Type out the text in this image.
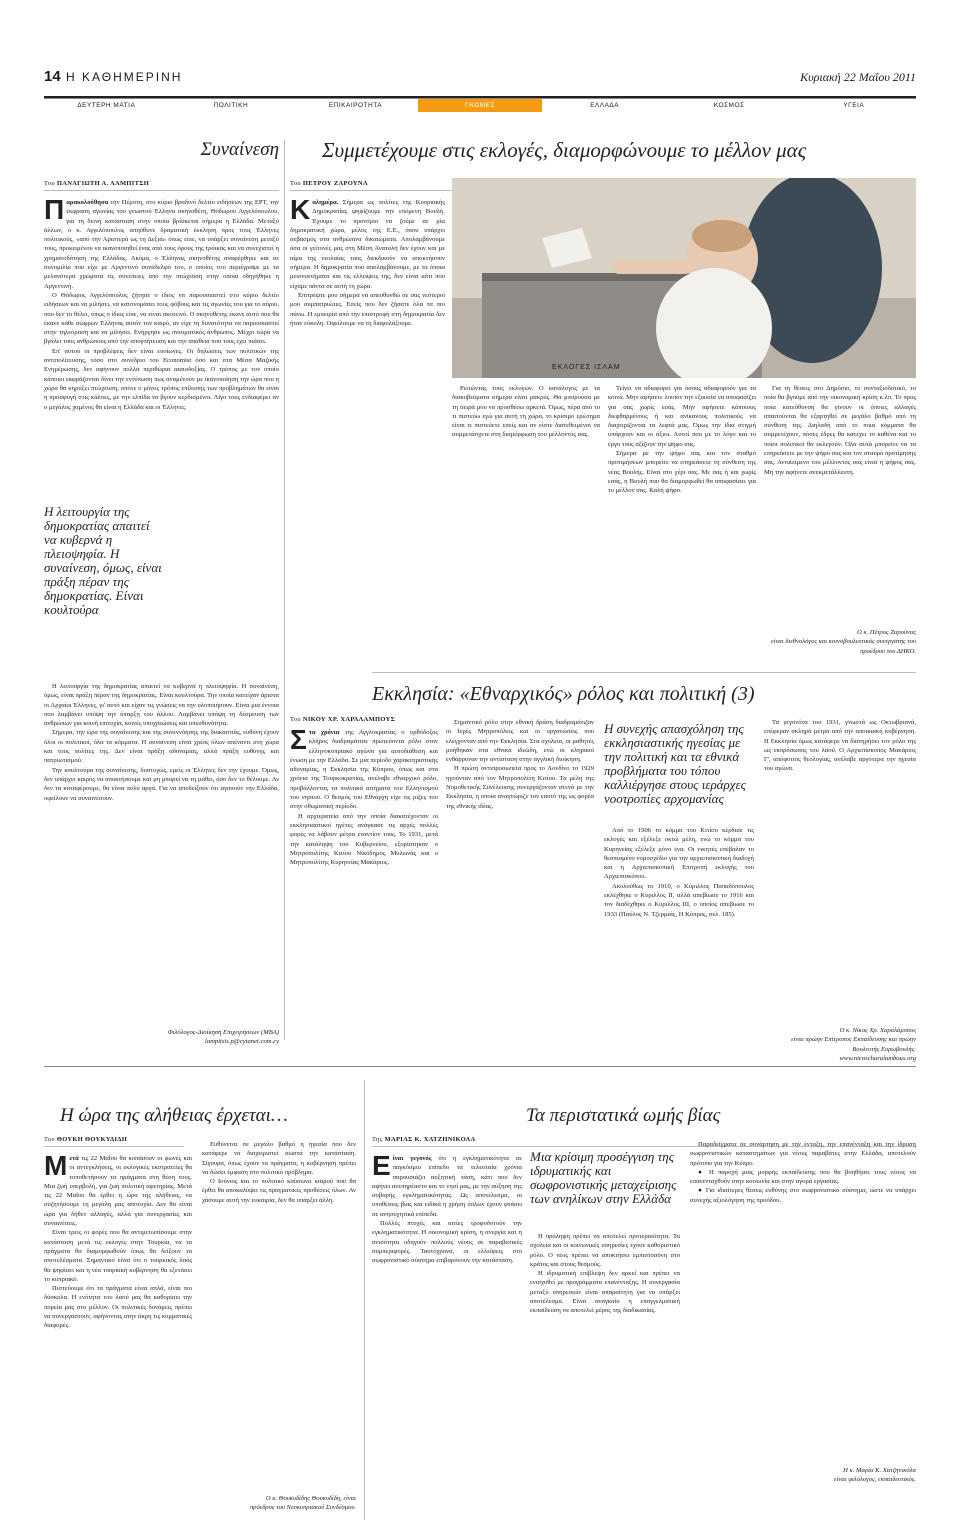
14 Η ΚΑΘΗΜΕΡΙΝΗ	Κυριακή 22 Μαΐου 2011
ΔΕΥΤΕΡΗ ΜΑΤΙΑ	ΠΟΛΙΤΙΚΗ	ΕΠΙΚΑΙΡΟΤΗΤΑ	ΓΝΩΜΕΣ	ΕΛΛΑΔΑ	ΚΟΣΜΟΣ	ΥΓΕΙΑ
Συναίνεση
Του ΠΑΝΑΓΙΩΤΗ Α. ΛΑΜΠΙΤΣΗ
Παρακολούθησα την Πέμπτη, στο κύριο βραδινό δελτίο ειδήσεων της ΕΡΤ, την έκφραση αγωνίας του γνωστού Έλληνα σκηνοθέτη, Θόδωρου Αγγελόπουλου, για τη δεινή κατάσταση στην οποία βρίσκεται σήμερα η Ελλάδα. Μεταξύ άλλων, ο κ. Αγγελόπουλος απηύθυνε δραματική έκκληση προς τους Έλληνες πολιτικούς, «από την Αριστερά ως τη Δεξιά» όπως είπε, να υπάρξει συναίνεση μεταξύ τους, προκειμένου να ικανοποιηθεί ένας από τους όρους της τρόικας και να συνεχιστεί η χρηματοδότηση της Ελλάδας. Ακόμα, ο Έλληνας σκηνοθέτης αναφέρθηκε και σε συνομιλία που είχε με Αργεντινό συνάδελφό του, ο οποίος του περιέγραψε με τα μελανότερα χρώματα τις συνέπειες από την πτώχευση στην οποία οδηγήθηκε η Αργεντινή.

Ο Θόδωρος Αγγελόπουλος ζήτησε ο ίδιος να παρουσιαστεί στο κύριο δελτίο ειδήσεων και να μιλήσει, να κατονομάσει τους φόβους και τις αγωνίες του για το αύριο, που δεν το θέλει, όπως ο ίδιος είπε, να είναι σκοτεινό. Ο σκηνοθέτης έκανε αυτό που θα έκανε κάθε σώφρων Έλληνας αυτόν τον καιρό, αν είχε τη δυνατότητα να παρουσιαστεί στην τηλεόραση και να μιλήσει. Ενήργησε ως πνευματικός άνθρωπος. Μέχρι τώρα να βγάλει τους ανθρώπους από την απογοήτευση και την απάθεια που τους έχει πιάσει.

Επ' αυτού οι προβλέψεις δεν είναι ευοίωνες. Οι δηλώσεις των πολιτικών της αντιπολίτευσης, τόσο στο συνέδριο του Economist όσο και στα Μέσα Μαζικής Ενημέρωσης, δεν αφήνουν πολλά περιθώρια αισιοδοξίας. Ο τρόπος με τον οποίο κάποιοι εκφράζονται δίνει την εντύπωση πως αναμένουν με ικανοποίηση την ώρα που η χώρα θα κηρύξει πτώχευση, οπότε ο μόνος τρόπος επίλυσης των προβλημάτων θα είναι η προσφυγή στις κάλπες, με την ελπίδα να βγουν κερδισμένοι. Λίγο τους ενδιαφέρει αν ο μεγάλος χαμένος θα είναι η Ελλάδα και οι Έλληνες.

Η λειτουργία της δημοκρατίας απαιτεί να κυβερνά η πλειοψηφία. Η συναίνεση, όμως, είναι πράξη πέραν της δημοκρατίας. Είναι κουλτούρα

Η λειτουργία της δημοκρατίας απαιτεί να κυβερνά η πλειοψηφία. Η συναίνεση, όμως, είναι πράξη πέραν της δημοκρατίας. Είναι κουλτούρα. Την οποία κατείχαν άριστα οι Αρχαίοι Έλληνες, γι' αυτό και είχαν τις γνώσεις να την υλοποιήσουν. Είναι μια έννοια που λαμβάνει υπόψη την ύπαρξη του άλλου. Λαμβάνει υπόψη τη δέσμευση των ανθρώπων για κοινή επιτυχία, κοινές υποχρεώσεις και υπευθυνότητα.

Σήμερα, την ώρα της συναίνεσης και της συνεννόησης της διακαστιάς, ευθύνη έχουν όλοι οι πολιτικοί, όλα τα κόμματα. Η συναίνεση είναι χρέος όλων απέναντι στη χώρα και τους πολίτες της. Δεν είναι πράξη αδυναμίας, αλλά πράξη ευθύνης και πατριωτισμού.

Την κουλτούρα της συναίνεσης, δυστυχώς, εμείς οι Έλληνες δεν την έχουμε. Όμως, δεν υπάρχει καιρός να αποκτήσουμε και μη μπορεί να τη μάθει, όσο δεν το θέλουμε. Αν δεν τα καταφέρουμε, θα είναι πολύ αργά. Για να αποδείξουν ότι αγαπούν την Ελλάδα, οφείλουν να συναινέσουν.

Φιλόλογος-Διοίκηση Επιχειρήσεων (ΜΒΑ)
lampitsis.p@cytanet.com.cy
Συμμετέχουμε στις εκλογές, διαμορφώνουμε το μέλλον μας
Του ΠΕΤΡΟΥ ΖΑΡΟΥΝΑ
Καλημέρα. Σήμερα ως πολίτες της Κυπριακής Δημοκρατίας ψηφίζουμε την επόμενη Βουλή. Έχουμε το προνόμιο να ζούμε σε μία δημοκρατική χώρα, μέλος της Ε.Ε., όπου υπάρχει σεβασμός στα ανθρώπινα δικαιώματα. Απολαμβάνουμε όσα οι γείτονές μας στη Μέση Ανατολή δεν έχουν και με αίμα της νεολαίας τους διεκδικούν να αποκτήσουν σήμερα. Η δημοκρατία που απολαμβάνουμε, με τα όποια μειονεκτήματα και τις ελλείψεις της, δεν είναι κάτι που είχαμε πάντα σε αυτή τη χώρα.

Επιτρέψτε μου σήμερα να απευθυνθώ σε σας νεότεροί μου συμπατριώτες. Εσείς που δεν ζήσατε όλα τα πιο πάνω. Η εμπειρία από την επιστροφή στη δημοκρατία δεν ήταν εύκολη. Οφείλουμε να τη διαφυλάξουμε.

ΕΚΛΟΓΕΣ ΙΣΛΑΜ

Ρωτώντας τους εκλογών. Ο κατάλογος με τα διακυβεύματα σήμερα είναι μακρύς. Θα μπορούσα με τη σειρά μου να προσθέσω αρκετά. Όμως, πέρα από το τι πιστεύω εγώ για αυτή τη χώρα, το κρίσιμο ερώτημα είναι τι πιστεύετε εσείς και αν είστε διατεθειμένοι να συμμετάσχετε στη διαμόρφωση του μέλλοντός σας.

Τείνει να αδιαφορεί για όσους αδιαφορούν για τα κοινά. Μην αφήσετε λοιπόν την εξουσία να αποφασίζει για σας χωρίς εσάς. Μην αφήσετε κάποιους διεφθαρμένους ή και ανίκανους πολιτικούς να διαχειρίζονται τα λεφτά μας. Όμως την ίδια στιγμή υπάρχουν και οι άξιοι. Αυτοί που με το λόγο και το έργο τους αξίζουν την ψήφο σας.

Σήμερα με την ψήφο σας και τον σταθμό προτιμήσεων μπορείτε να επηρεάσετε τη σύνθεση της νέας Βουλής. Είναι στο χέρι σας. Με σας ή και χωρίς εσάς, η Βουλή που θα διαμορφωθεί θα αποφασίσει για το μέλλον σας. Καλή ψήφο.

Για τη θέσεις στο Δημόσιο, το συνταξιοδοτικό, το ποία θα βγούμε από την οικονομική κρίση κ.λπ. Το προς ποια κατεύθυνση θα γίνουν οι όποιες αλλαγές απαιτούνται θα εξαρτηθεί σε μεγάλο βαθμό από τη σύνθεση της. Διηλαδή από το ποια κόμματα θα συμμετέχουν, πόσες έδρες θα κατέχει το καθένα και το ποιοι πολιτικοί θα εκλεγούν. Όλα αυτά μπορείτε να τα επηρεάσετε με την ψήφο σας και τον σταυρό προτίμησης σας. Αντικείμενο του μέλλοντός σας είναι η ψήφος σας. Μη την αφήνετε ανεκμετάλλευτη.

Ο κ. Πέτρος Ζαρούνας
είναι διεθνολόγος και κοινοβουλευτικός συνεργάτης του προέδρου του ΔΗΚΟ.
Εκκλησία: «Εθναρχικός» ρόλος και πολιτική (3)
Του ΝΙΚΟΥ ΧΡ. ΧΑΡΑΛΑΜΠΟΥΣ
Στα χρόνια της Αγγλοκρατίας ο ορθόδοξος κλήρος διαδραμάτισε πρωτεύοντα ρόλο στον ελληνοκυπριακό αγώνα για αυτοδιάθεση και ένωση με την Ελλάδα. Σε μια περίοδο χαρακτηριστικής αδυναμίας, η Εκκλησία της Κύπρου, όπως και στα χρόνια της Τουρκοκρατίας, ανέλαβε εθναρχικό ρόλο, προβάλλοντας τα πολιτικά αιτήματα του Ελληνισμού του νησιού. Ο θεσμός του Εθνάρχη είχε τις ρίζες του στην οθωμανική περίοδο.

Η αρχιερατεία από την οποία διακατέχονταν οι εκκλησιαστικοί ηγέτες ανάγκασε τις αρχές πολλές φορές να λάβουν μέτρα εναντίον τους. Το 1931, μετά την κατάληψη του Κυβερνείου, εξορίστηκαν ο Μητροπολίτης Κιτίου Νικόδημος Μυλωνάς και ο Μητροπολίτης Κυρηνείας Μακάριος.

Σημαντικό ρόλο στην εθνική δράση διαδραμάτιζαν οι Ιερές Μητροπόλεις και οι οργανώσεις που ελέγχονταν από την Εκκλησία. Στα σχολεία, οι μαθητές μυήθηκαν στα εθνικά ιδεώδη, ενώ οι κληρικοί ενθάρρυναν την αντίσταση στην αγγλική διοίκηση.

Η πρώτη αντιπροσωπεία προς το Λονδίνο το 1929 ηγούνταν από τον Μητροπολίτη Κιτίου. Τα μέλη της Νομοθετικής Συνέλευσης συνεργάζονταν στενά με την Εκκλησία, η οποία αναγνώριζε τον εαυτό της ως φορέα της εθνικής ιδέας.

Η συνεχής απασχόληση της εκκλησιαστικής ηγεσίας με την πολιτική και τα εθνικά προβλήματα του τόπου καλλιέργησε στους ιεράρχες νοοτροπίες αρχομανίας

Από το 1906 το κόμμα του Κιτίου κέρδισε τις εκλογές και εξέλεξε οκτώ μέλη, ενώ το κόμμα του Κυρηνείας εξέλεξε μόνο ένα. Οι νικητές επέβαλαν το θεσπισμένο νομοσχέδιο για την αρχιεπισκοπική διαδοχή και η Αρχιεπισκοπική Επιτροπή εκλογής του Αρχιεπισκόπου.

Ακολούθως το 1910, ο Κύριλλος Παπαδόπουλος εκλέχθηκε ο Κύριλλος ΙΙ, αλλά απεβίωσε το 1916 και τον διαδέχθηκε ο Κύριλλος ΙΙΙ, ο οποίος απεβίωσε το 1933 (Παύλος Ν. Τζερμιάς, Η Κύπρος, σελ. 185).

Τα γεγονότα του 1931, γνωστά ως Οκτωβριανά, επέφεραν σκληρά μέτρα από την αποικιακή κυβέρνηση. Η Εκκλησία όμως κατάφερε να διατηρήσει τον ρόλο της ως εκπρόσωπος του λαού. Ο Αρχιεπίσκοπος Μακάριος Γ', απόφοιτος θεολογίας, ανέλαβε αργότερα την ηγεσία του αγώνα.

Ο κ. Νίκος Χρ. Χαραλάμπους
είναι πρώην Επίτροπος Εκπαίδευσης και πρώην Βουλευτής Ευρωβουλής.
www.nicoscharalambous.org
Η ώρα της αλήθειας έρχεται…
Του ΘΟΥΚΗ ΘΟΥΚΥΔΙΔΗ
Μετά τις 22 Μαΐου θα κοπάσουν οι φωνές και οι αντεγκλήσεις, οι εκλογικές εκστρατείες θα τοποθετήσουν τα πράγματα στη θέση τους. Μια ζωή υπερβολή, για ζωή πολιτική αφετηρίας. Μετά τις 22 Μαΐου θα έρθει η ώρα της αλήθειας, να συζητήσουμε τη μεγάλη μας αποτυχία. Δεν θα είναι ώρα για δήθεν αλλαγές, αλλά για συνεργασίες και συναινέσεις.

Είναι τρεις οι φορές που θα αντιμετωπίσουμε στην κατάσταση μετά τις εκλογές στην Τουρκία, να τα πράγματα θα διαμορφωθούν όπως θα δείξουν τα αποτελέσματα. Σημαντικό είναι ότι ο τουρκικός λαός θα ψηφίσει και η νέα τουρκική κυβέρνηση θα εξετάσει το κυπριακό.

Πιστεύουμε ότι τα πράγματα είναι απλά, είναι πιο δύσκολα. Η ενότητα του λαού μας θα καθορίσει την πορεία μας στο μέλλον. Οι πολιτικές δυνάμεις πρέπει να συνεργαστούν, αφήνοντας στην άκρη τις κομματικές διαφορές.

Ευθύνεται σε μεγάλο βαθμό η ηγεσία που δεν κατάφερε να διαχειριστεί σωστά την κατάσταση. Σίγουρα, όπως έχουν τα πράγματα, η κυβέρνηση πρέπει να δώσει έμφαση στο πολιτικό πρόβλημα.

Ο Ιούνιος και το πολιτικό καύσωνα καιρού που θα έρθει θα αποκαλύψει τις πραγματικές προθέσεις όλων. Αν χάσουμε αυτή την ευκαιρία, δεν θα υπάρξει άλλη.

Ο κ. Θουκυδίδης Θουκυδίδη, είναι
πρόεδρος του Νεοκυπριακού Συνδέσμου.
Τα περιστατικά ωμής βίας
Της ΜΑΡΙΑΣ Κ. ΧΑΤΖΗΝΙΚΟΛΑ
Είναι γεγονός ότι η εγκληματικότητα σε παγκόσμιο επίπεδο τα τελευταία χρόνια παρουσιάζει αυξητική τάση, κάτι που δεν αφήνει ανεπηρέαστο και το νησί μας, με την αύξηση της σοβαρής εγκληματικότητας. Ως αποτέλεσμα, οι υποθέσεις βίας και ειδικά η χρήση όπλων έχουν φτάσει σε ανησυχητικά επίπεδα.

Πολλές πτυχές και αιτίες τροφοδοτούν την εγκληματικότητα. Η οικονομική κρίση, η ανεργία και η ανισότητα οδηγούν πολλούς νέους σε παραβατικές συμπεριφορές. Ταυτόχρονα, οι ελλείψεις στο σωφρονιστικό σύστημα επιβαρύνουν την κατάσταση.

Μια κρίσιμη προσέγγιση της ιδρυματικής και σωφρονιστικής μεταχείρισης των ανηλίκων στην Ελλάδα

Η πρόληψη πρέπει να αποτελεί προτεραιότητα. Τα σχολεία και οι κοινωνικές υπηρεσίες έχουν καθοριστικό ρόλο. Ο νέος πρέπει να αποκτήσει εμπιστοσύνη στο κράτος και στους θεσμούς.

Η ιδρυματική επίβλεψη δεν αρκεί και πρέπει να ενισχυθεί με προγράμματα επανένταξης. Η συνεργασία μεταξύ υπηρεσιών είναι απαραίτητη για να υπάρξει αποτέλεσμα. Είναι αναγκαίο η επαγγελματική εκπαίδευση να αποτελεί μέρος της διαδικασίας.

Παραδείγματα σε συνάρτηση με την ένταξη, την επανένταξη και την ίδρυση σωφρονιστικών καταστημάτων για νέους παραβάτες στην Ελλάδα, αποτελούν πρότυπο για την Κύπρο.

● Η παροχή μιας μορφής εκπαίδευσης που θα βοηθήσει τους νέους να επανενταχθούν στην κοινωνία και στην αγορά εργασίας.

● Για ιδιαίτερες θέσεις ευθύνης στο σωφρονιστικό σύστημα, ώστε να υπάρχει συνεχής αξιολόγηση της προόδου.

Η κ. Μαρία Κ. Χατζηνικόλα
είναι φιλόλογος, εκπαιδευτικός.
